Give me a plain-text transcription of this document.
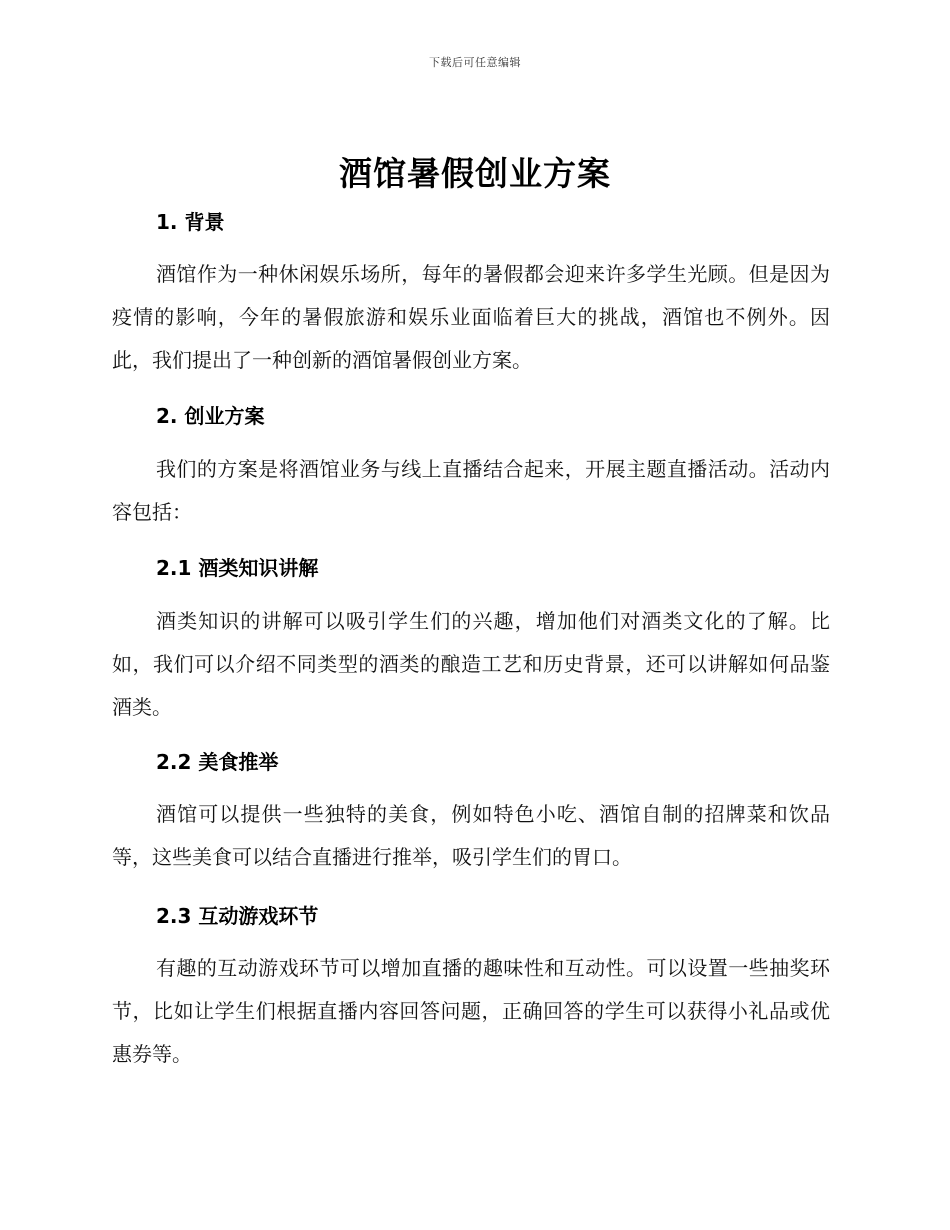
下载后可任意编辑
酒馆暑假创业方案
1. 背景

酒馆作为一种休闲娱乐场所，每年的暑假都会迎来许多学生光顾。但是因为疫情的影响，今年的暑假旅游和娱乐业面临着巨大的挑战，酒馆也不例外。因此，我们提出了一种创新的酒馆暑假创业方案。

2. 创业方案

我们的方案是将酒馆业务与线上直播结合起来，开展主题直播活动。活动内容包括：

2.1 酒类知识讲解

酒类知识的讲解可以吸引学生们的兴趣，增加他们对酒类文化的了解。比如，我们可以介绍不同类型的酒类的酿造工艺和历史背景，还可以讲解如何品鉴酒类。

2.2 美食推举

酒馆可以提供一些独特的美食，例如特色小吃、酒馆自制的招牌菜和饮品等，这些美食可以结合直播进行推举，吸引学生们的胃口。

2.3 互动游戏环节

有趣的互动游戏环节可以增加直播的趣味性和互动性。可以设置一些抽奖环节，比如让学生们根据直播内容回答问题，正确回答的学生可以获得小礼品或优惠券等。
